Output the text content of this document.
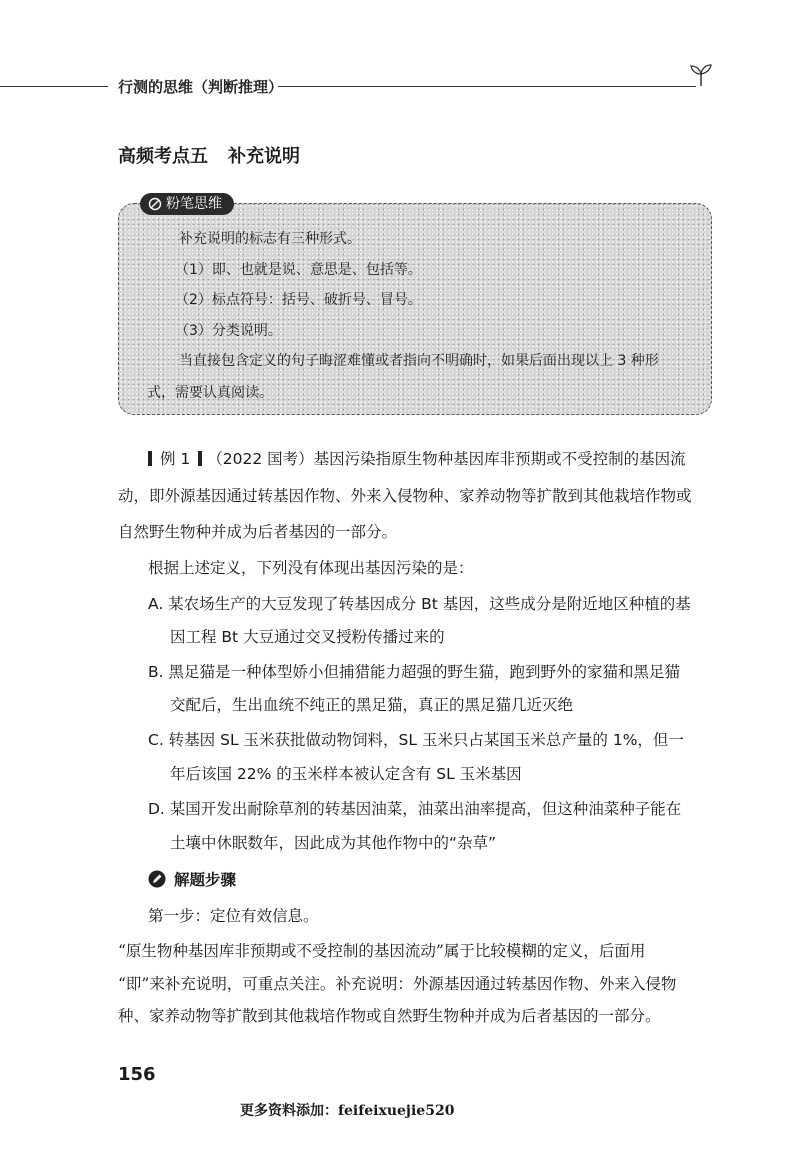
行测的思维（判断推理）
高频考点五 补充说明
补充说明的标志有三种形式。
（1）即、也就是说、意思是、包括等。
（2）标点符号：括号、破折号、冒号。
（3）分类说明。
当直接包含定义的句子晦涩难懂或者指向不明确时，如果后面出现以上 3 种形
式，需要认真阅读。
粉笔思维
例 1 （2022 国考）基因污染指原生物种基因库非预期或不受控制的基因流
动，即外源基因通过转基因作物、外来入侵物种、家养动物等扩散到其他栽培作物或
自然野生物种并成为后者基因的一部分。
根据上述定义，下列没有体现出基因污染的是：
A. 某农场生产的大豆发现了转基因成分 Bt 基因，这些成分是附近地区种植的基
因工程 Bt 大豆通过交叉授粉传播过来的
B. 黑足猫是一种体型娇小但捕猎能力超强的野生猫，跑到野外的家猫和黑足猫
交配后，生出血统不纯正的黑足猫，真正的黑足猫几近灭绝
C. 转基因 SL 玉米获批做动物饲料，SL 玉米只占某国玉米总产量的 1%，但一
年后该国 22% 的玉米样本被认定含有 SL 玉米基因
D. 某国开发出耐除草剂的转基因油菜，油菜出油率提高，但这种油菜种子能在
土壤中休眠数年，因此成为其他作物中的“杂草”
解题步骤
第一步：定位有效信息。
“原生物种基因库非预期或不受控制的基因流动”属于比较模糊的定义，后面用
“即”来补充说明，可重点关注。补充说明：外源基因通过转基因作物、外来入侵物
种、家养动物等扩散到其他栽培作物或自然野生物种并成为后者基因的一部分。
156
更多资料添加：feifeixuejie520
